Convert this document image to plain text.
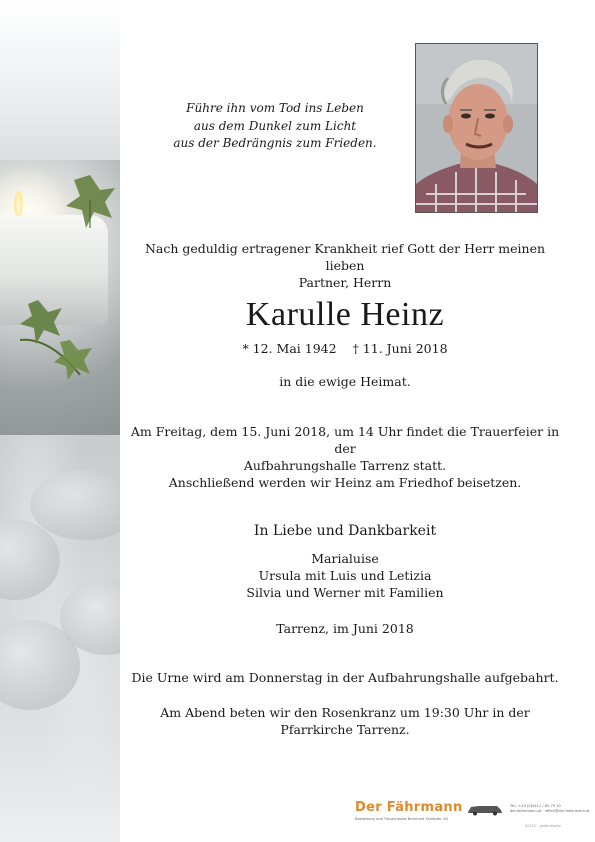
Führe ihn vom Tod ins Leben
aus dem Dunkel zum Licht
aus der Bedrängnis zum Frieden.
Nach geduldig ertragener Krankheit rief Gott der Herr meinen lieben
Partner, Herrn
Karulle Heinz
* 12. Mai 1942 † 11. Juni 2018
in die ewige Heimat.
Am Freitag, dem 15. Juni 2018, um 14 Uhr findet die Trauerfeier in der
Aufbahrungshalle Tarrenz statt.
Anschließend werden wir Heinz am Friedhof beisetzen.
In Liebe und Dankbarkeit
Marialuise
Ursula mit Luis und Letizia
Silvia und Werner mit Familien
Tarrenz, im Juni 2018
Die Urne wird am Donnerstag in der Aufbahrungshalle aufgebahrt.
Am Abend beten wir den Rosenkranz um 19:30 Uhr in der
Pfarrkirche Tarrenz.
Der Fährmann
Bestattung und Trauerrituale Bernhard Schöpfer OG
Tel.: +43 (0)5412 / 65 79 10
der-faehrmann.at · office@der-faehrmann.at
00152 · gedenkseite
